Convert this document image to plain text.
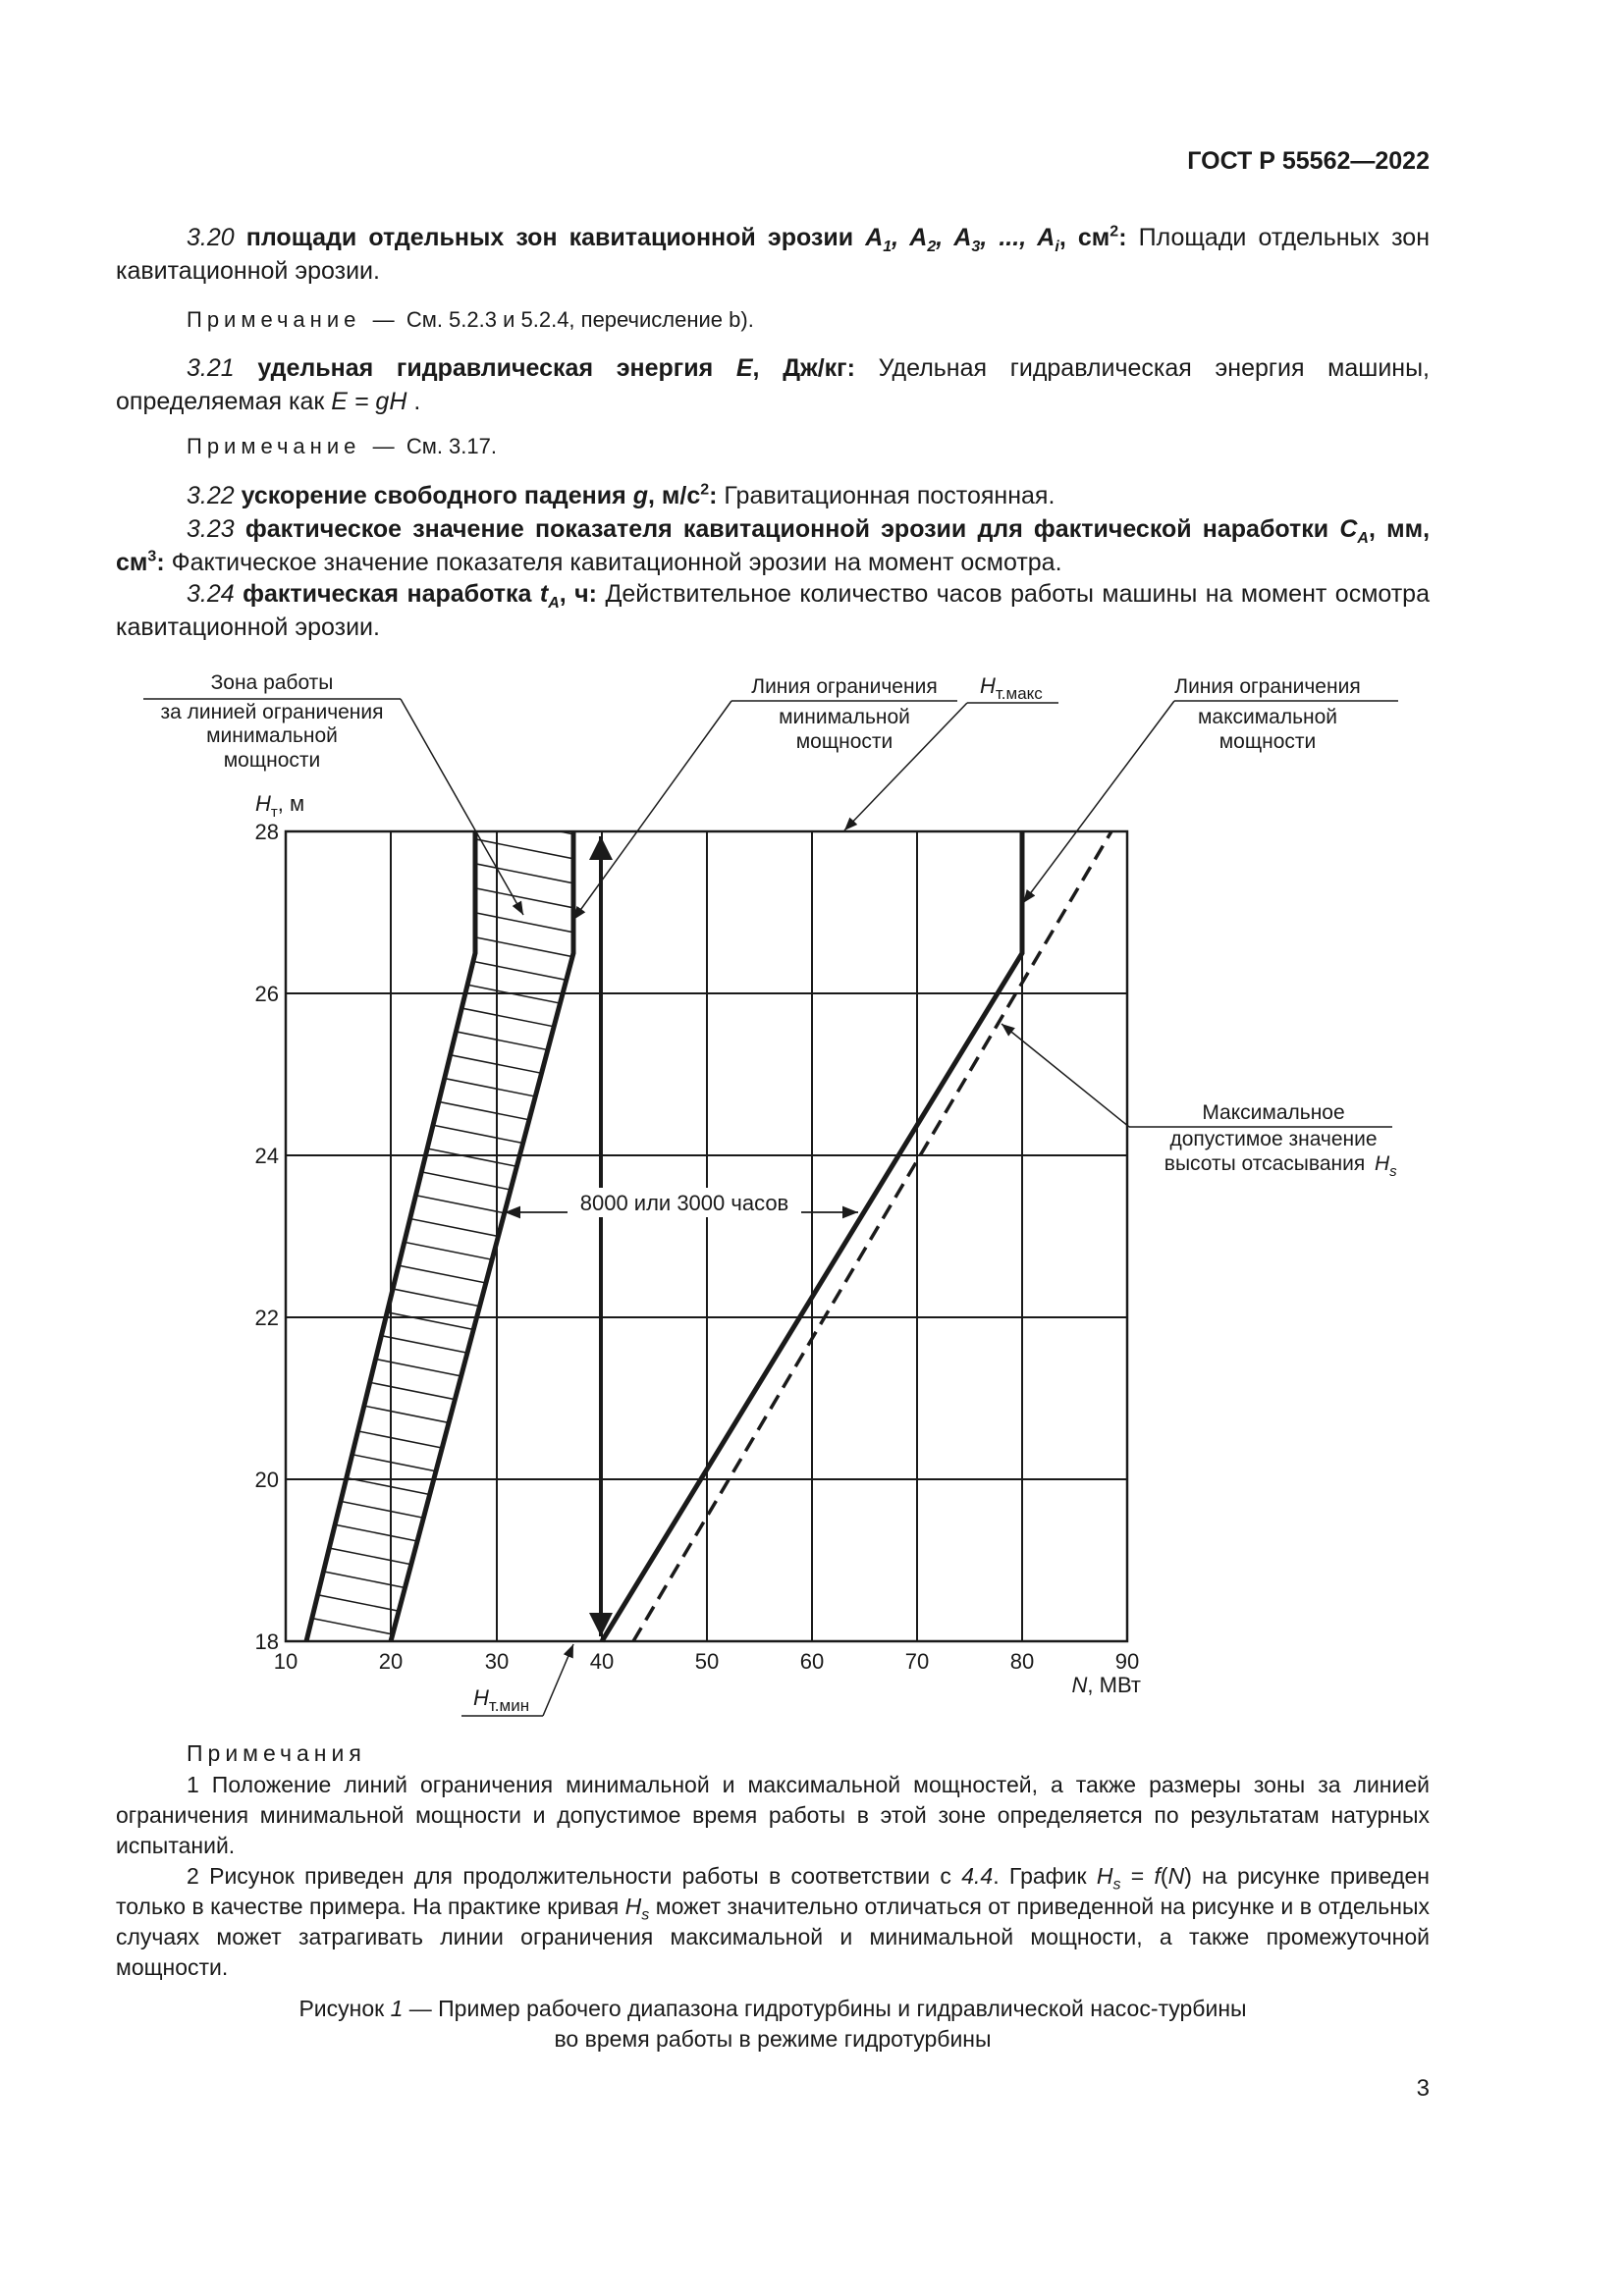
ГОСТ Р 55562—2022
3.20 площади отдельных зон кавитационной эрозии $A_1$, $A_2$, $A_3$, ..., $A_i$, $см^2$: Площади отдельных зон кавитационной эрозии.
Примечание — См. 5.2.3 и 5.2.4, перечисление b).
3.21 удельная гидравлическая энергия E, Дж/кг: Удельная гидравлическая энергия машины, определяемая как E = gH .
Примечание — См. 3.17.
3.22 ускорение свободного падения g, $м/с^2$: Гравитационная постоянная.
3.23 фактическое значение показателя кавитационной эрозии для фактической наработки $C_A$, мм, $см^3$: Фактическое значение показателя кавитационной эрозии на момент осмотра.
3.24 фактическая наработка $t_A$, ч: Действительное количество часов работы машины на момент осмотра кавитационной эрозии.
8000 или 3000 часов
28
26
24
22
20
18
$H_т$, м
10	20	30	40	50	60	70	80	90
N, МВт
Зона работы
за линией ограничения
минимальной
мощности
Линия ограничения
минимальной
мощности
$H_{т.макс}$	Линия ограничения
максимальной
мощности
Максимальное
допустимое значение
высоты отсасывания $H_s$
$H_{т.мин}$
Примечания
1 Положение линий ограничения минимальной и максимальной мощностей, а также размеры зоны за линией ограничения минимальной мощности и допустимое время работы в этой зоне определяется по результатам натурных испытаний.
2 Рисунок приведен для продолжительности работы в соответствии с 4.4. График $H_s = f(N)$ на рисунке приведен только в качестве примера. На практике кривая $H_s$ может значительно отличаться от приведенной на рисунке и в отдельных случаях может затрагивать линии ограничения максимальной и минимальной мощности, а также промежуточной мощности.
Рисунок 1 — Пример рабочего диапазона гидротурбины и гидравлической насос-турбины
во время работы в режиме гидротурбины
3
